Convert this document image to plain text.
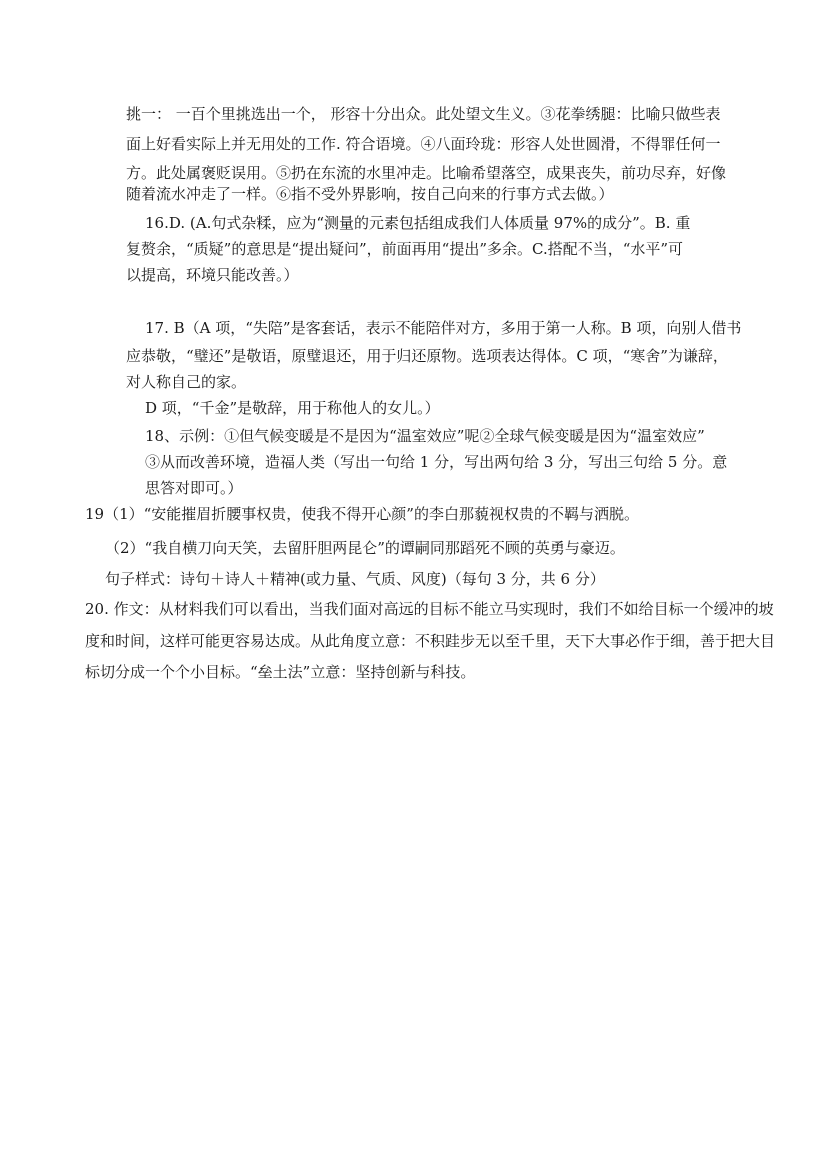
挑一： 一百个里挑选出一个， 形容十分出众。此处望文生义。③花拳绣腿：比喻只做些表
面上好看实际上并无用处的工作. 符合语境。④八面玲珑：形容人处世圆滑，不得罪任何一
方。此处属褒贬误用。⑤扔在东流的水里冲走。比喻希望落空，成果丧失，前功尽弃，好像
随着流水冲走了一样。⑥指不受外界影响，按自己向来的行事方式去做。）
16.D. (A.句式杂糅，应为“测量的元素包括组成我们人体质量 97%的成分”。B. 重
复赘余，“质疑”的意思是“提出疑问”，前面再用“提出”多余。C.搭配不当，“水平”可
以提高，环境只能改善。）
17. B（A 项，“失陪”是客套话，表示不能陪伴对方，多用于第一人称。B 项，向别人借书
应恭敬，“璧还”是敬语，原璧退还，用于归还原物。选项表达得体。C 项，“寒舍”为谦辞，
对人称自己的家。
D 项，“千金”是敬辞，用于称他人的女儿。）
18、示例：①但气候变暖是不是因为“温室效应”呢②全球气候变暖是因为“温室效应”
③从而改善环境，造福人类（写出一句给 1 分，写出两句给 3 分，写出三句给 5 分。意
思答对即可。）
19（1）“安能摧眉折腰事权贵，使我不得开心颜”的李白那藐视权贵的不羁与洒脱。
（2）“我自横刀向天笑，去留肝胆两昆仑”的谭嗣同那蹈死不顾的英勇与豪迈。
句子样式：诗句＋诗人＋精神(或力量、气质、风度)（每句 3 分，共 6 分）
20. 作文：从材料我们可以看出，当我们面对高远的目标不能立马实现时，我们不如给目标一个缓冲的坡
度和时间，这样可能更容易达成。从此角度立意：不积跬步无以至千里，天下大事必作于细，善于把大目
标切分成一个个小目标。“垒土法”立意：坚持创新与科技。
